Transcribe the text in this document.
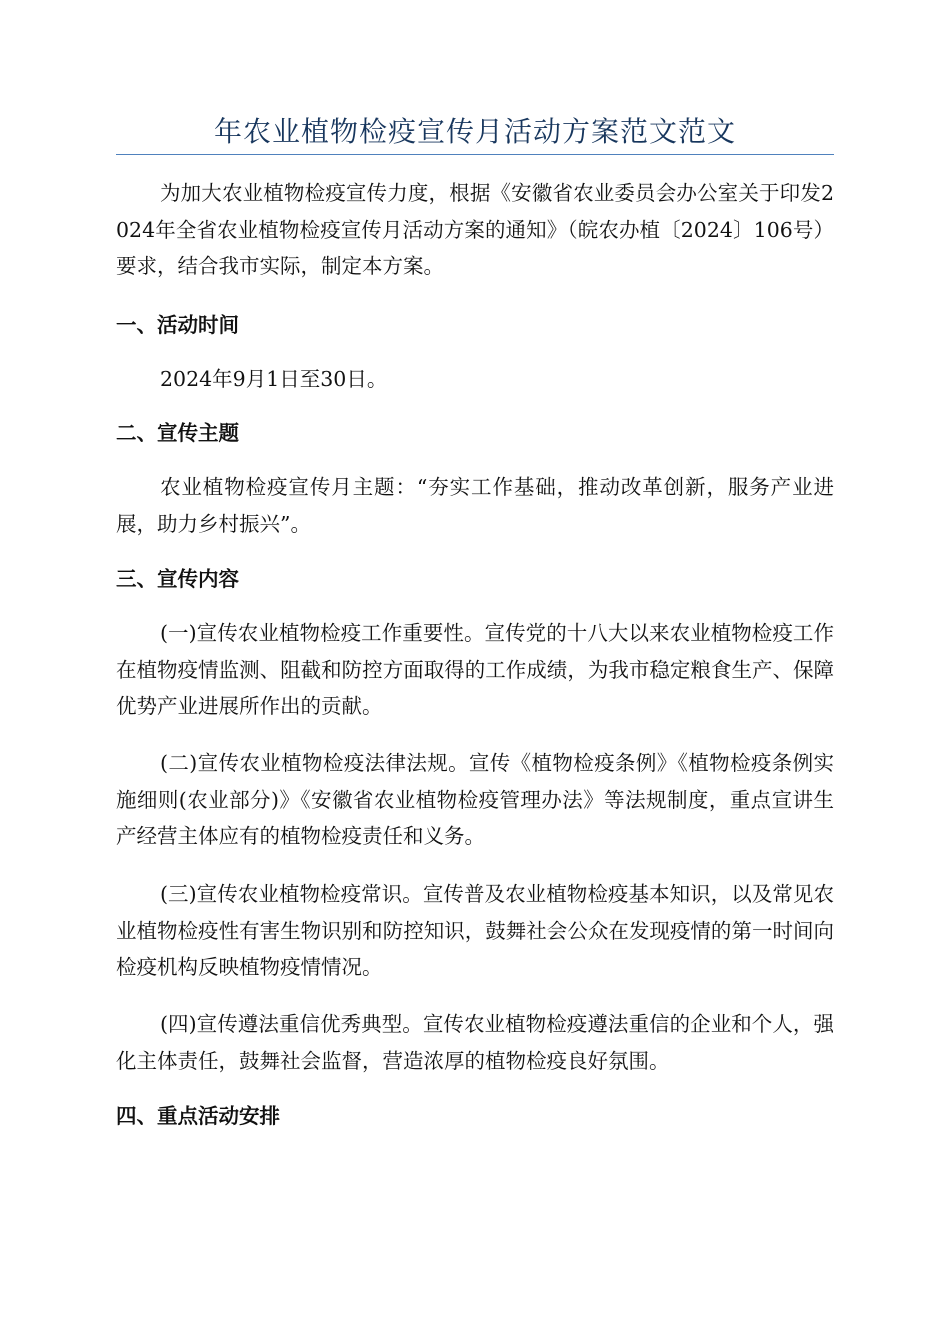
年农业植物检疫宣传月活动方案范文范文

为加大农业植物检疫宣传力度，根据《安徽省农业委员会办公室关于印发2024年全省农业植物检疫宣传月活动方案的通知》（皖农办植〔2024〕106号）要求，结合我市实际，制定本方案。

一、活动时间

2024年9月1日至30日。

二、宣传主题

农业植物检疫宣传月主题：“夯实工作基础，推动改革创新，服务产业进展，助力乡村振兴”。

三、宣传内容

(一)宣传农业植物检疫工作重要性。宣传党的十八大以来农业植物检疫工作在植物疫情监测、阻截和防控方面取得的工作成绩，为我市稳定粮食生产、保障优势产业进展所作出的贡献。

(二)宣传农业植物检疫法律法规。宣传《植物检疫条例》《植物检疫条例实施细则(农业部分)》《安徽省农业植物检疫管理办法》等法规制度，重点宣讲生产经营主体应有的植物检疫责任和义务。

(三)宣传农业植物检疫常识。宣传普及农业植物检疫基本知识，以及常见农业植物检疫性有害生物识别和防控知识，鼓舞社会公众在发现疫情的第一时间向检疫机构反映植物疫情情况。

(四)宣传遵法重信优秀典型。宣传农业植物检疫遵法重信的企业和个人，强化主体责任，鼓舞社会监督，营造浓厚的植物检疫良好氛围。

四、重点活动安排
